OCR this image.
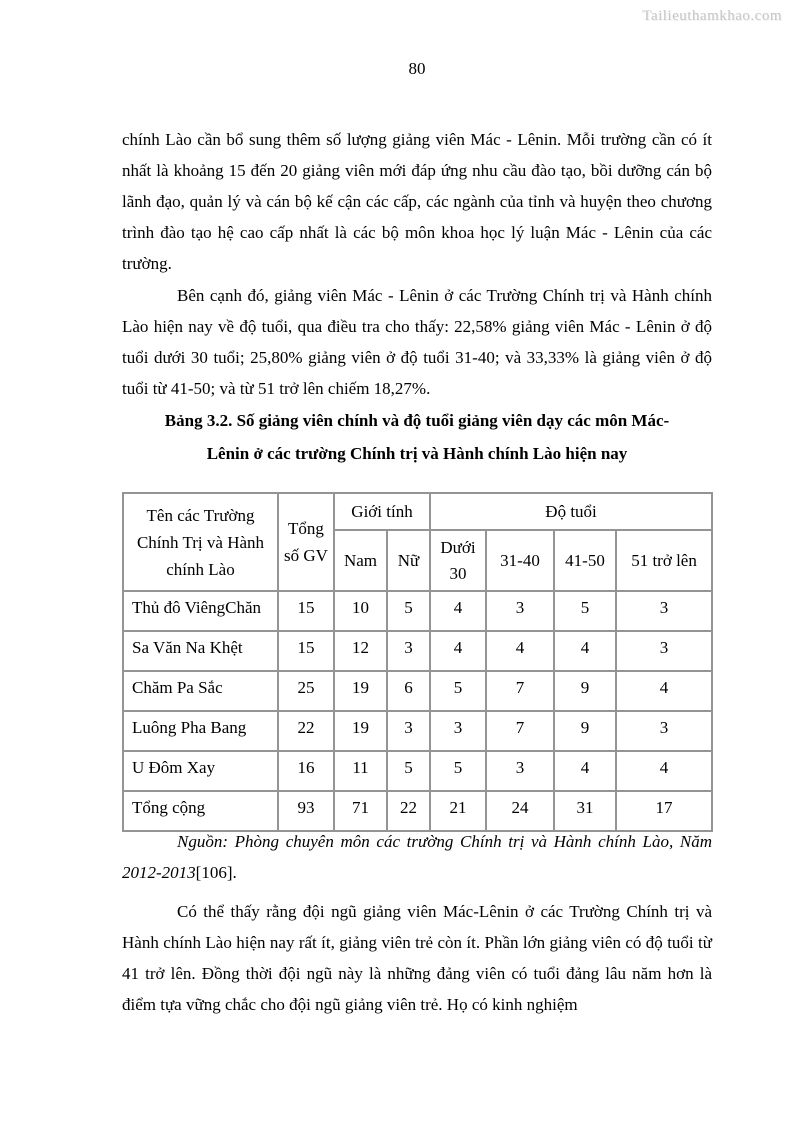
Tailieuthamkhao.com
80

chính Lào cần bổ sung thêm số lượng giảng viên Mác - Lênin. Mỗi trường cần có ít nhất là khoảng 15 đến 20 giảng viên mới đáp ứng nhu cầu đào tạo, bồi dưỡng cán bộ lãnh đạo, quản lý và cán bộ kế cận các cấp, các ngành của tỉnh và huyện theo chương trình đào tạo hệ cao cấp nhất là các bộ môn khoa học lý luận Mác - Lênin của các trường.

Bên cạnh đó, giảng viên Mác - Lênin ở các Trường Chính trị và Hành chính Lào hiện nay về độ tuổi, qua điều tra cho thấy: 22,58% giảng viên Mác - Lênin ở độ tuổi dưới 30 tuổi; 25,80% giảng viên ở độ tuổi 31-40; và 33,33% là giảng viên ở độ tuổi từ 41-50; và từ 51 trở lên chiếm 18,27%.

Bảng 3.2. Số giảng viên chính và độ tuổi giảng viên dạy các môn Mác-
Lênin ở các trường Chính trị và Hành chính Lào hiện nay
Tên các Trường Chính Trị và Hành chính Lào	Tổng số GV	Giới tính		Độ tuổi			
		Nam	Nữ	Dưới 30	31-40	41-50	51 trở lên
Thủ đô ViêngChăn	15	10	5	4	3	5	3
Sa Văn Na Khệt	15	12	3	4	4	4	3
Chăm Pa Sắc	25	19	6	5	7	9	4
Luông Pha Bang	22	19	3	3	7	9	3
U Đôm Xay	16	11	5	5	3	4	4
Tổng cộng	93	71	22	21	24	31	17

Nguồn: Phòng chuyên môn các trường Chính trị và Hành chính Lào, Năm 2012-2013[106].

Có thể thấy rằng đội ngũ giảng viên Mác-Lênin ở các Trường Chính trị và Hành chính Lào hiện nay rất ít, giảng viên trẻ còn ít. Phần lớn giảng viên có độ tuổi từ 41 trở lên. Đồng thời đội ngũ này là những đảng viên có tuổi đảng lâu năm hơn là điểm tựa vững chắc cho đội ngũ giảng viên trẻ. Họ có kinh nghiệm
